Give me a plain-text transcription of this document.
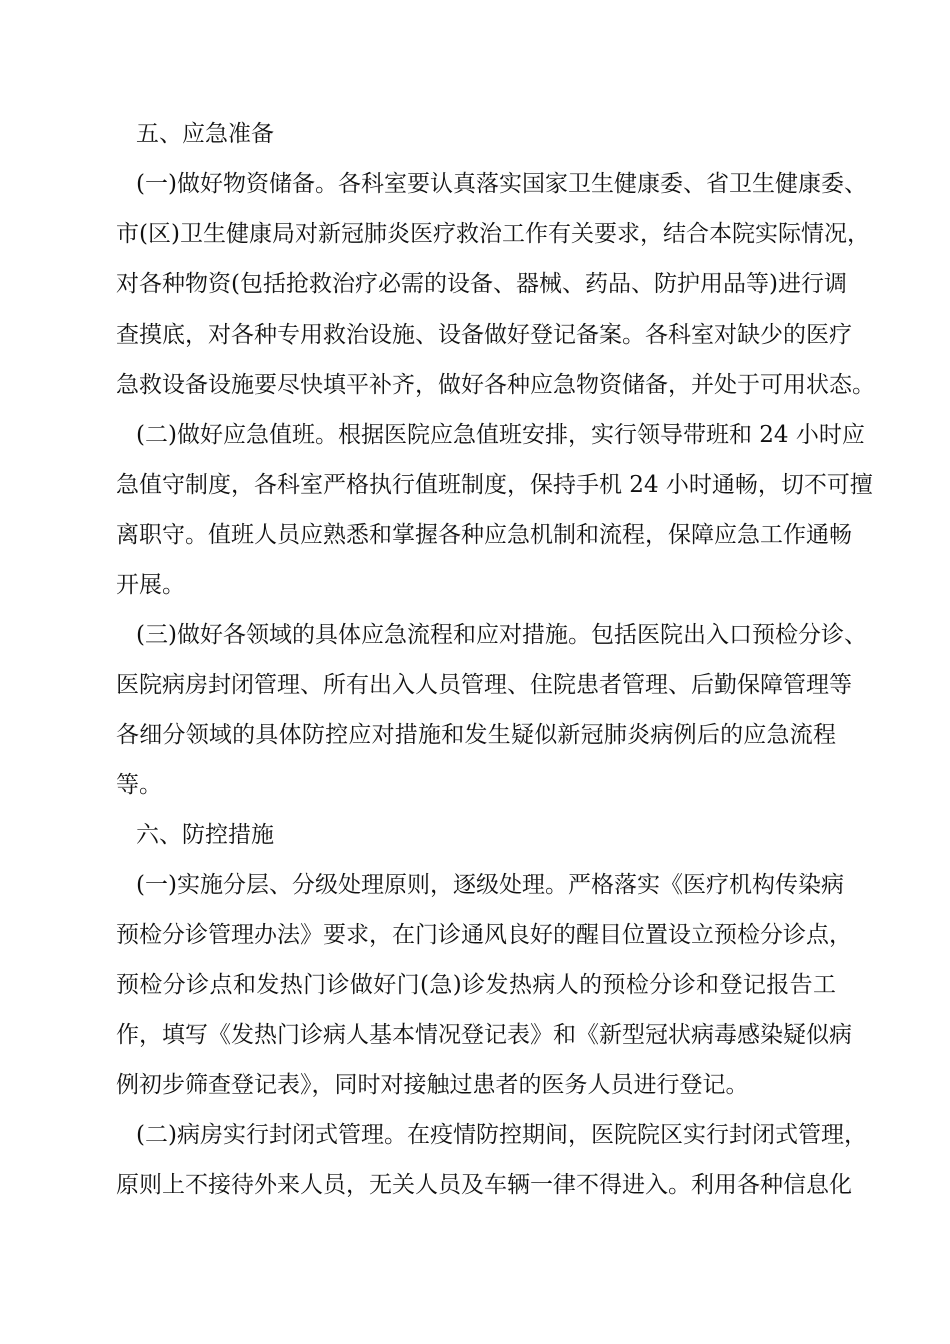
五、应急准备
(一)做好物资储备。各科室要认真落实国家卫生健康委、省卫生健康委、
市(区)卫生健康局对新冠肺炎医疗救治工作有关要求，结合本院实际情况，
对各种物资(包括抢救治疗必需的设备、器械、药品、防护用品等)进行调
查摸底，对各种专用救治设施、设备做好登记备案。各科室对缺少的医疗
急救设备设施要尽快填平补齐，做好各种应急物资储备，并处于可用状态。
(二)做好应急值班。根据医院应急值班安排，实行领导带班和 24 小时应
急值守制度，各科室严格执行值班制度，保持手机 24 小时通畅，切不可擅
离职守。值班人员应熟悉和掌握各种应急机制和流程，保障应急工作通畅
开展。
(三)做好各领域的具体应急流程和应对措施。包括医院出入口预检分诊、
医院病房封闭管理、所有出入人员管理、住院患者管理、后勤保障管理等
各细分领域的具体防控应对措施和发生疑似新冠肺炎病例后的应急流程
等。
六、防控措施
(一)实施分层、分级处理原则，逐级处理。严格落实《医疗机构传染病
预检分诊管理办法》要求，在门诊通风良好的醒目位置设立预检分诊点，
预检分诊点和发热门诊做好门(急)诊发热病人的预检分诊和登记报告工
作，填写《发热门诊病人基本情况登记表》和《新型冠状病毒感染疑似病
例初步筛查登记表》，同时对接触过患者的医务人员进行登记。
(二)病房实行封闭式管理。在疫情防控期间，医院院区实行封闭式管理，
原则上不接待外来人员，无关人员及车辆一律不得进入。利用各种信息化
